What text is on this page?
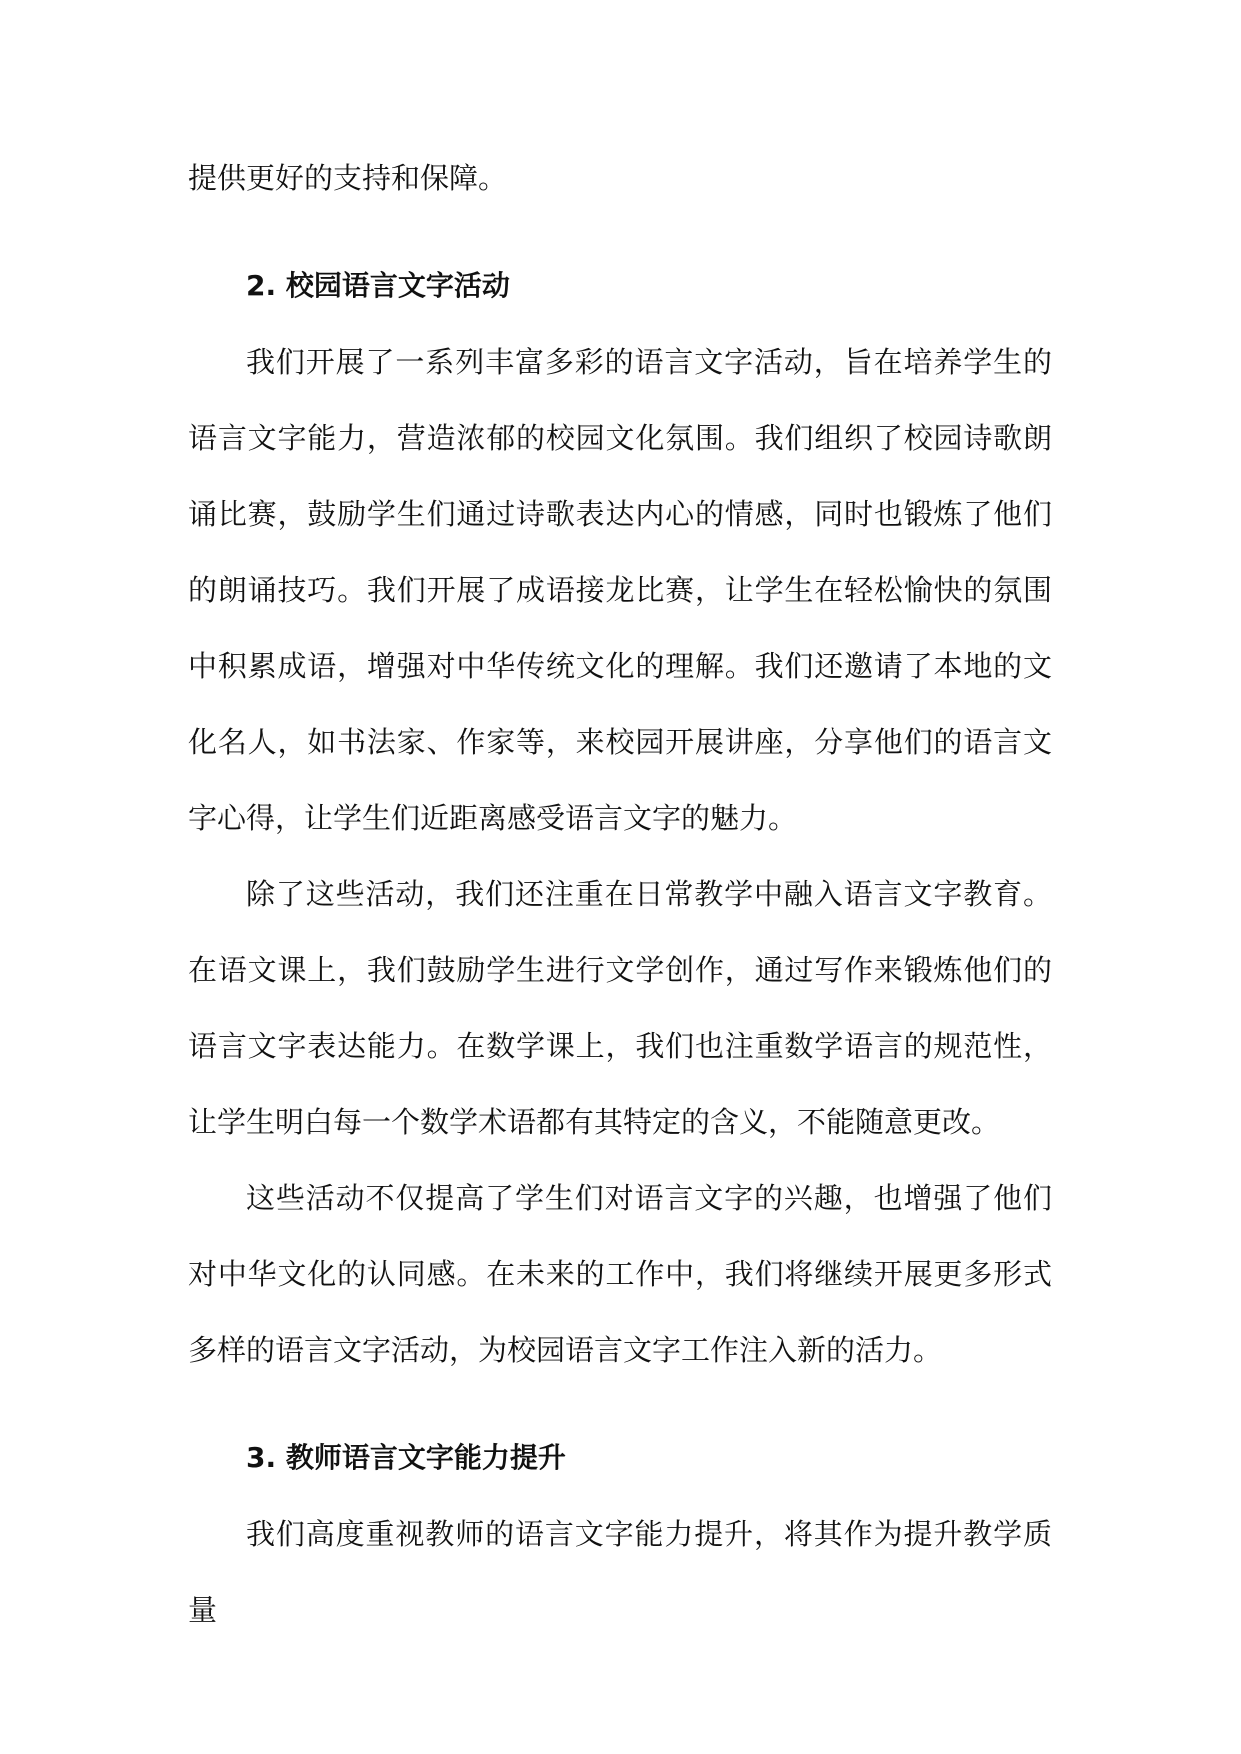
提供更好的支持和保障。

2. 校园语言文字活动

我们开展了一系列丰富多彩的语言文字活动，旨在培养学生的语言文字能力，营造浓郁的校园文化氛围。我们组织了校园诗歌朗诵比赛，鼓励学生们通过诗歌表达内心的情感，同时也锻炼了他们的朗诵技巧。我们开展了成语接龙比赛，让学生在轻松愉快的氛围中积累成语，增强对中华传统文化的理解。我们还邀请了本地的文化名人，如书法家、作家等，来校园开展讲座，分享他们的语言文字心得，让学生们近距离感受语言文字的魅力。

除了这些活动，我们还注重在日常教学中融入语言文字教育。在语文课上，我们鼓励学生进行文学创作，通过写作来锻炼他们的语言文字表达能力。在数学课上，我们也注重数学语言的规范性，让学生明白每一个数学术语都有其特定的含义，不能随意更改。

这些活动不仅提高了学生们对语言文字的兴趣，也增强了他们对中华文化的认同感。在未来的工作中，我们将继续开展更多形式多样的语言文字活动，为校园语言文字工作注入新的活力。

3. 教师语言文字能力提升

我们高度重视教师的语言文字能力提升，将其作为提升教学质量
